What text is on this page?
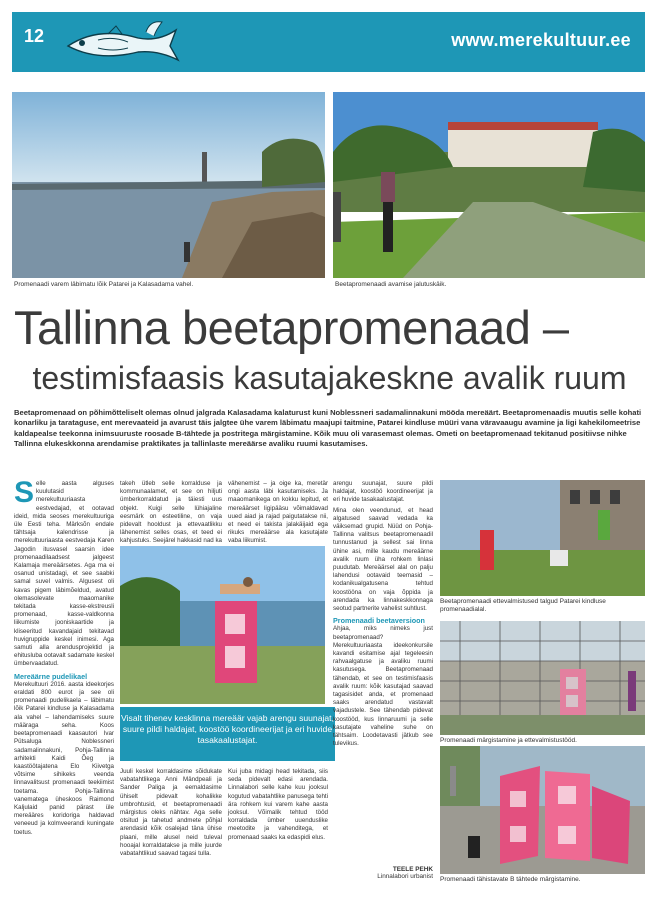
12	www.merekultuur.ee
Promenaadi varem läbimatu lõik Patarei ja Kalasadama vahel.	Beetapromenaadi avamise jalutuskäik.
Tallinna beetapromenaad –
testimisfaasis kasutajakeskne avalik ruum
Beetapromenaad on põhimõtteliselt olemas olnud jalgrada Kalasadama kalaturust kuni Noblessneri sadamalinnakuni mööda mereäärt. Beetapromenaadis muutis selle kohati konarliku ja tarataguse, ent merevaateid ja avarust täis jalgtee ühe varem läbimatu maajupi taitmine, Patarei kindluse müüri vana väravaaugu avamine ja ligi kahekilomeetrise kaldapealse teekonna inimsuuruste roosade B-tähtede ja postritega märgistamine. Kõik muu oli varasemast olemas. Ometi on beetapromenaad tekitanud positiivse nihke Tallinna elukeskkonna arendamise praktikates ja tallinlaste mereäärse avaliku ruumi kasutamises.
S elle aasta alguses kuulutasid merekultuuriaasta eestvedajad, et ootavad ideid, mida seoses merekultuuriga üle Eesti teha. Märksõn endale tähtsaja kalendrisse ja merekultuuriaasta eestvedaja Karen Jagodin itusvasel saarsin idee promenaadilaadsest jalgeest Kalamaja mereäärsetes. Aga ma ei osanud unistadagi, et see saabki samal suvel valmis. Algusest oli kavas pigem läbimõeldud, avatud olemasolevate maaomanike tekitada kasse-ekstreusli promenaad, kasse-valdkonna liikumiste jooniskaartide ja kliseeritud kavandajaid tekitavad huvigruppide keskel inimesi. Aga samuti alla arendusprojektid ja ehitusluba ootavalt sadamate keskel ümbervaadatud.
Mereäärne pudelikael
Merekultuuri 2016. aasta ideekorjes eraldati 800 eurot ja see oli promenaadi pudelikaela – läbimatu lõik Patarei kindluse ja Kalasadama ala vahel – lahendamiseks suure määraga seha. Koos beetapromenaadi kaasautori Ivar Pütsaluga Noblessneri sadamalinnakuni, Pohja-Tallinna arhitekti Kaidi Õeg ja kaastöötajatena Elo Kiivetga võtsime sihikeks veenda linnavalitsust promenaadi teekiimist toetama. Pohja-Tallinna vanematega üheskoos Raimond Kaljulaid panid pärast üle mereääres koridoriga haldavad veneeud ja kolmveerandi kuningate toetus.
takeh ütleb selle korralduse ja kommunaalamet, et see on hiljuti ümberkorraldatud ja täiesti uus objekt. Kuigi selle lühiajaline eesmärk on esteetiline, on vaja pidevalt hooldust ja ettevaatlikku lähenemist selles osas, et teed ei kahjustuks. Seejärel hakkasid nad ka
vähenemist – ja oige ka, meretär ongi aasta läbi kasutamiseks. Ja maaomanikega on kokku lepitud, et mereäärset ligipääsu võimaldavad uued aiad ja rajad paigutatakse nii, et need ei takista jalakäijaid ega rikuks mereäärse ala kasutajate vaba liikumist.
Visalt tihenev kesklinna mereäär vajab arengu suunajat, suure pildi haldajat, koostöö koordineerijat ja eri huvide tasakaalustajat.
Juuli keskel korraldasime sõidukate vabatahtlikega Anni Mändpeali ja Sander Paliga ja eemaldasime ühiselt pidevalt kohalikke umbrohtusid, et beetapromenaadi märgistus oleks nähtav. Aga selle otsitud ja tahetud andmete põhjal arendasid kõik osalejad täna ühise plaani, mille alusel neid tuleval hooajal korraldatakse ja mille juurde vabatahtlikud saavad tagasi tulla.
Kui juba midagi head tekitada, siis seda pidevalt edasi arendada. Linnalabori selle kahe kuu jooksul kogutud vabatahtlike panusega tehti ära rohkem kui varem kahe aasta jooksul. Võimalik tehtud tööd korraldada ümber uuenduslike meetodite ja vahenditega, et promenaad saaks ka edaspidi elus.
arengu suunajat, suure pildi haldajat, koostöö koordineerijat ja eri huvide tasakaalustajat.
Mina olen veendunud, et head algatused saavad vedada ka väiksemad grupid. Nüüd on Pohja-Tallinna valitsus beetapromenaadil tunnustanud ja sellest sai linna ühine asi, mille kaudu mereäärne avalik ruum üha rohkem linlasi puudutab. Mereäärsel alal on palju lahendusi ootavaid teemasid – kodanikualgatusena tehtud koostööna on vaja õppida ja arendada ka linnakeskkonnaga seotud partnerite vahelist suhtlust.
Promenaadi beetaversioon
Ahjaa, miks nimeks just beetapromenaad? Merekultuuriaasta ideekonkursile kavandi esitamise ajal tegeleesin rahvaalgatuse ja avaliku ruumi kasutusega. Beetapromenaad tähendab, et see on testimisfaasis avalik ruum: kõik kasutajad saavad tagasisidet anda, et promenaad saaks arendatud vastavalt vajadustele. See tähendab pidevat koostööd, kus linnaruumi ja selle kasutajate vaheline suhe on tähtsaim. Loodetavasti jätkub see tulevikus.
TEELE PEHK
Linnalabori urbanist
Beetapromenaadi ettevalmistused talgud Patarei kindluse promenaadialal.
Promenaadi märgistamine ja ettevalmistustööd.
Promenaadi tähistavate B tähtede märgistamine.
